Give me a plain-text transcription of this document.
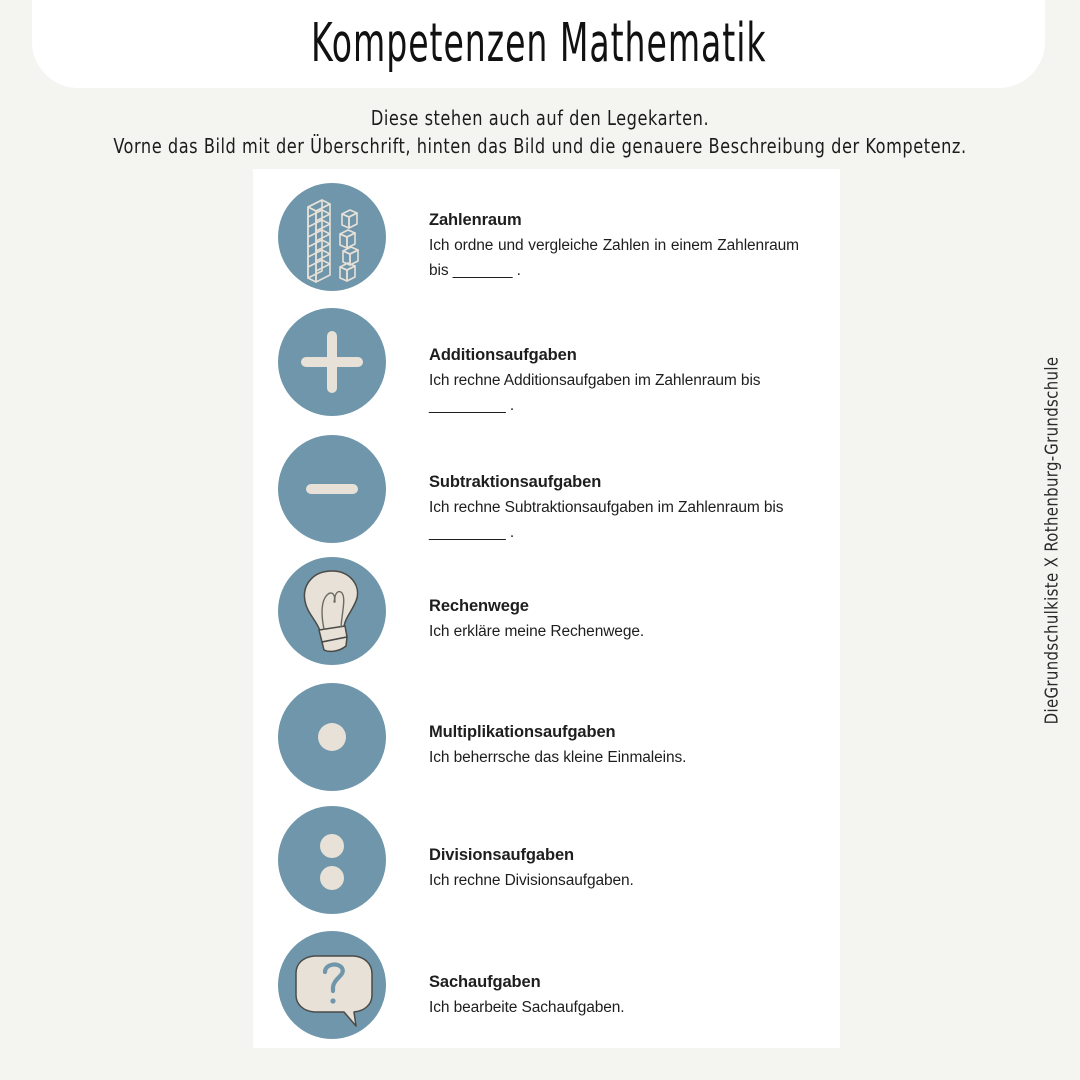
Kompetenzen Mathematik
Diese stehen auch auf den Legekarten.
Vorne das Bild mit der Überschrift, hinten das Bild und die genauere Beschreibung der Kompetenz.
Zahlenraum
Ich ordne und vergleiche Zahlen in einem Zahlenraum bis _______ .
Additionsaufgaben
Ich rechne Additionsaufgaben im Zahlenraum bis _________ .
Subtraktionsaufgaben
Ich rechne Subtraktionsaufgaben im Zahlenraum bis _________ .
Rechenwege
Ich erkläre meine Rechenwege.
Multiplikationsaufgaben
Ich beherrsche das kleine Einmaleins.
Divisionsaufgaben
Ich rechne Divisionsaufgaben.
Sachaufgaben
Ich bearbeite Sachaufgaben.
DieGrundschulkiste X Rothenburg-Grundschule
